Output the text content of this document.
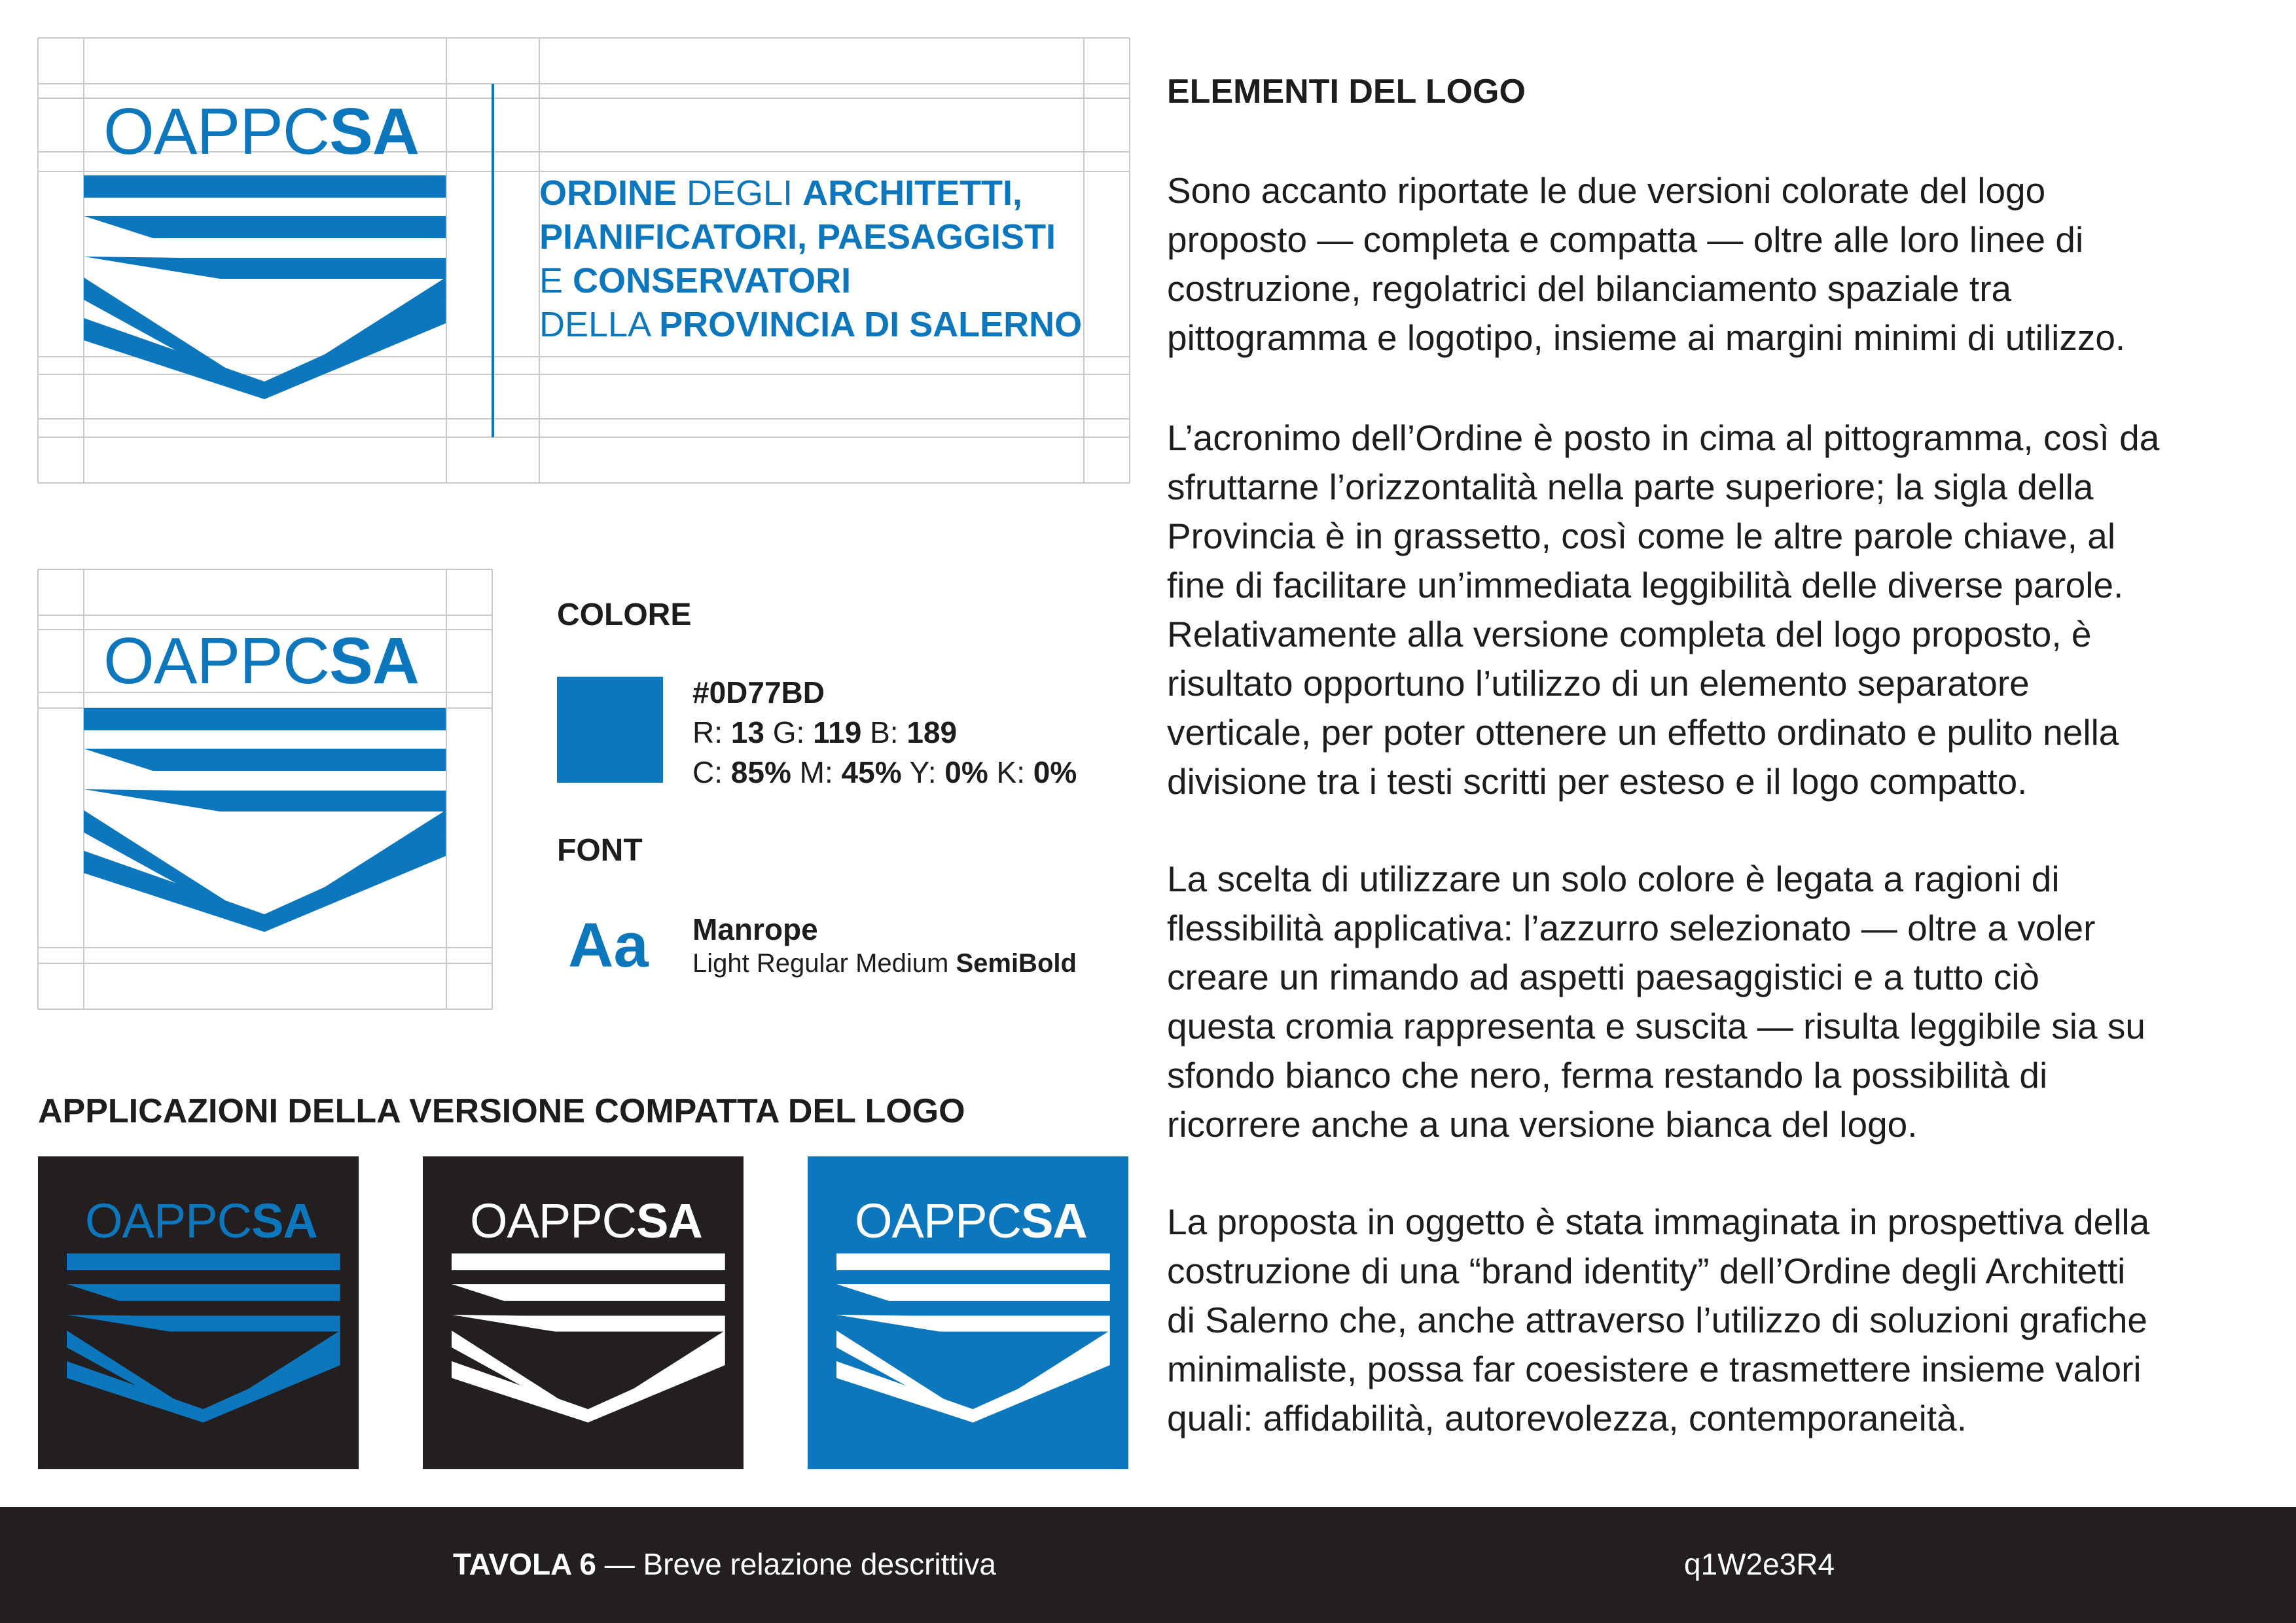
OAPPCSA
ORDINE DEGLI ARCHITETTI,
PIANIFICATORI, PAESAGGISTI
E CONSERVATORI
DELLA PROVINCIA DI SALERNO
OAPPCSA
COLORE
#0D77BD
R: 13 G: 119 B: 189
C: 85% M: 45% Y: 0% K: 0%
FONT
Aa Manrope
Light Regular Medium SemiBold
APPLICAZIONI DELLA VERSIONE COMPATTA DEL LOGO
OAPPCSA	OAPPCSA	OAPPCSA
ELEMENTI DEL LOGO
Sono accanto riportate le due versioni colorate del logo
proposto — completa e compatta — oltre alle loro linee di
costruzione, regolatrici del bilanciamento spaziale tra
pittogramma e logotipo, insieme ai margini minimi di utilizzo.
L’acronimo dell’Ordine è posto in cima al pittogramma, così da
sfruttarne l’orizzontalità nella parte superiore; la sigla della
Provincia è in grassetto, così come le altre parole chiave, al
fine di facilitare un’immediata leggibilità delle diverse parole.
Relativamente alla versione completa del logo proposto, è
risultato opportuno l’utilizzo di un elemento separatore
verticale, per poter ottenere un effetto ordinato e pulito nella
divisione tra i testi scritti per esteso e il logo compatto.
La scelta di utilizzare un solo colore è legata a ragioni di
flessibilità applicativa: l’azzurro selezionato — oltre a voler
creare un rimando ad aspetti paesaggistici e a tutto ciò
questa cromia rappresenta e suscita — risulta leggibile sia su
sfondo bianco che nero, ferma restando la possibilità di
ricorrere anche a una versione bianca del logo.
La proposta in oggetto è stata immaginata in prospettiva della
costruzione di una “brand identity” dell’Ordine degli Architetti
di Salerno che, anche attraverso l’utilizzo di soluzioni grafiche
minimaliste, possa far coesistere e trasmettere insieme valori
quali: affidabilità, autorevolezza, contemporaneità.
TAVOLA 6 — Breve relazione descrittiva	q1W2e3R4
